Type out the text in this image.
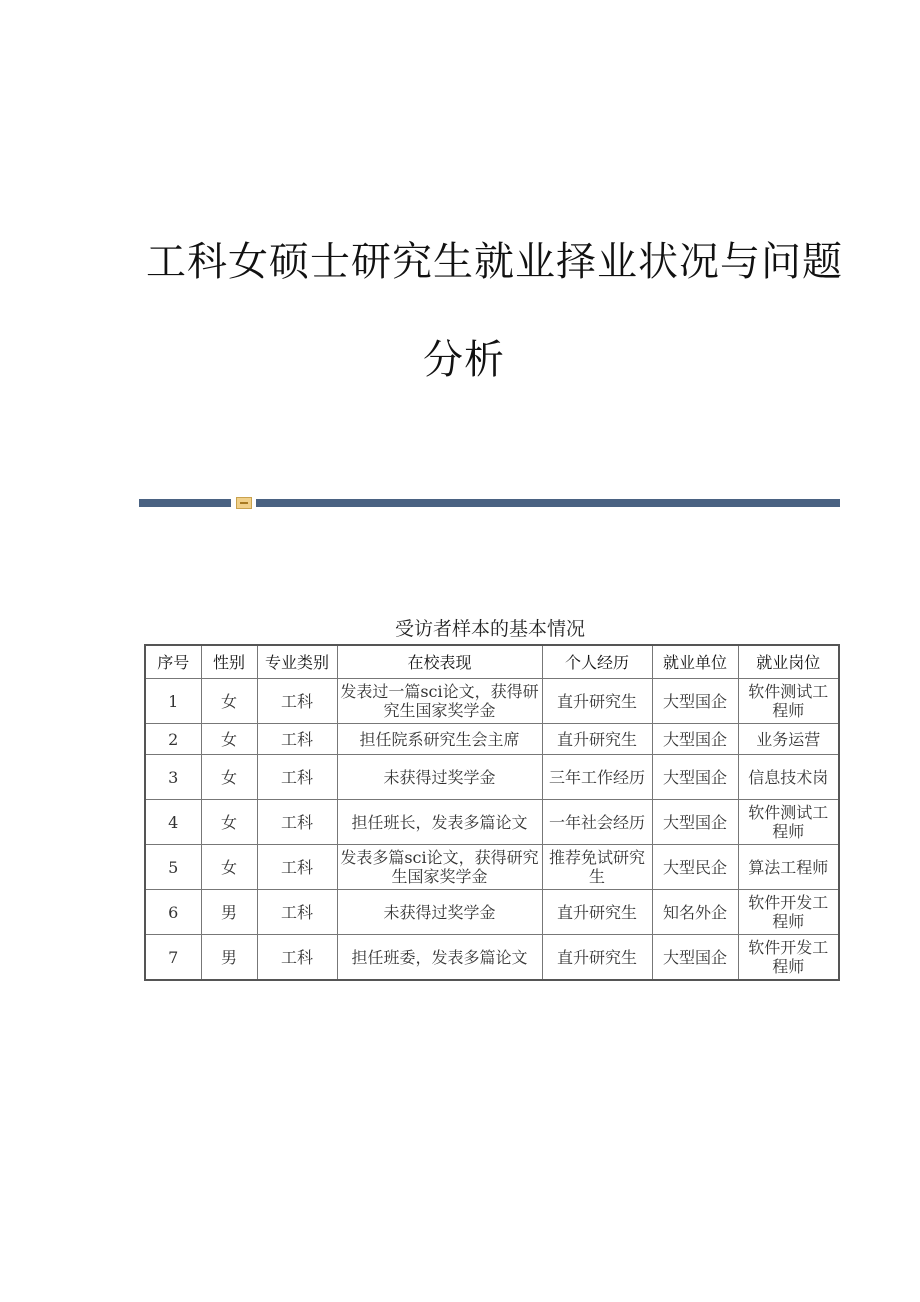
工科女硕士研究生就业择业状况与问题
分析
受访者样本的基本情况
序号	性别	专业类别	在校表现	个人经历	就业单位	就业岗位
1	女	工科	发表过一篇sci论文，获得研究生国家奖学金	直升研究生	大型国企	软件测试工程师
2	女	工科	担任院系研究生会主席	直升研究生	大型国企	业务运营
3	女	工科	未获得过奖学金	三年工作经历	大型国企	信息技术岗
4	女	工科	担任班长，发表多篇论文	一年社会经历	大型国企	软件测试工程师
5	女	工科	发表多篇sci论文，获得研究生国家奖学金	推荐免试研究生	大型民企	算法工程师
6	男	工科	未获得过奖学金	直升研究生	知名外企	软件开发工程师
7	男	工科	担任班委，发表多篇论文	直升研究生	大型国企	软件开发工程师
